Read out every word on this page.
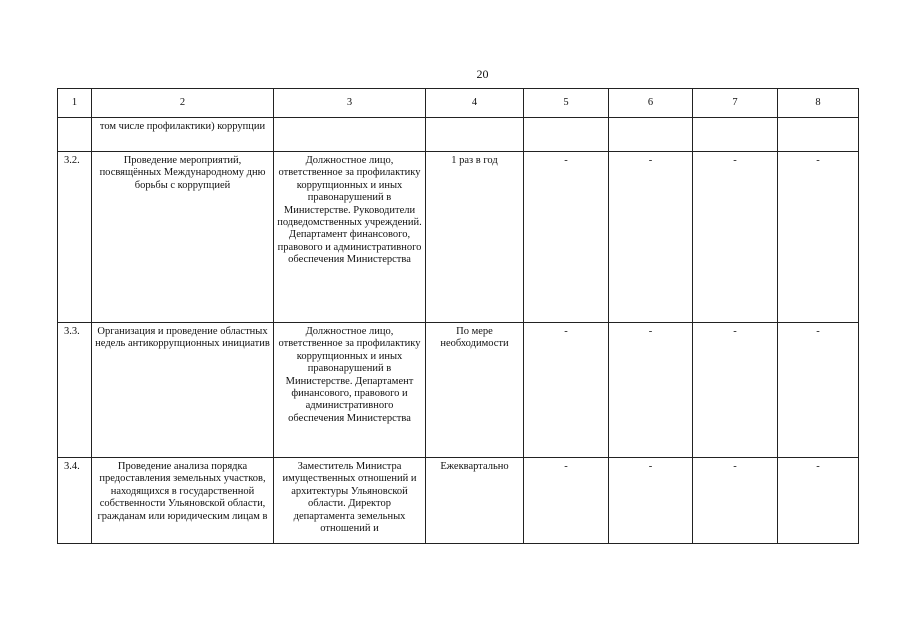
20
1	2	3	4	5	6	7	8
	том числе профилактики) коррупции						
3.2.	Проведение мероприятий, посвящённых Международному дню борьбы с коррупцией	Должностное лицо, ответственное за профилактику коррупционных и иных правонарушений в Министерстве. Руководители подведомственных учреждений. Департамент финансового, правового и административного обеспечения Министерства	1 раз в год	-	-	-	-
3.3.	Организация и проведение областных недель антикоррупционных инициатив	Должностное лицо, ответственное за профилактику коррупционных и иных правонарушений в Министерстве. Департамент финансового, правового и административного обеспечения Министерства	По мере необходимости	-	-	-	-
3.4.	Проведение анализа порядка предоставления земельных участков, находящихся в государственной собственности Ульяновской области, гражданам или юридическим лицам в	Заместитель Министра имущественных отношений и архитектуры Ульяновской области. Директор департамента земельных отношений и	Ежеквартально	-	-	-	-
